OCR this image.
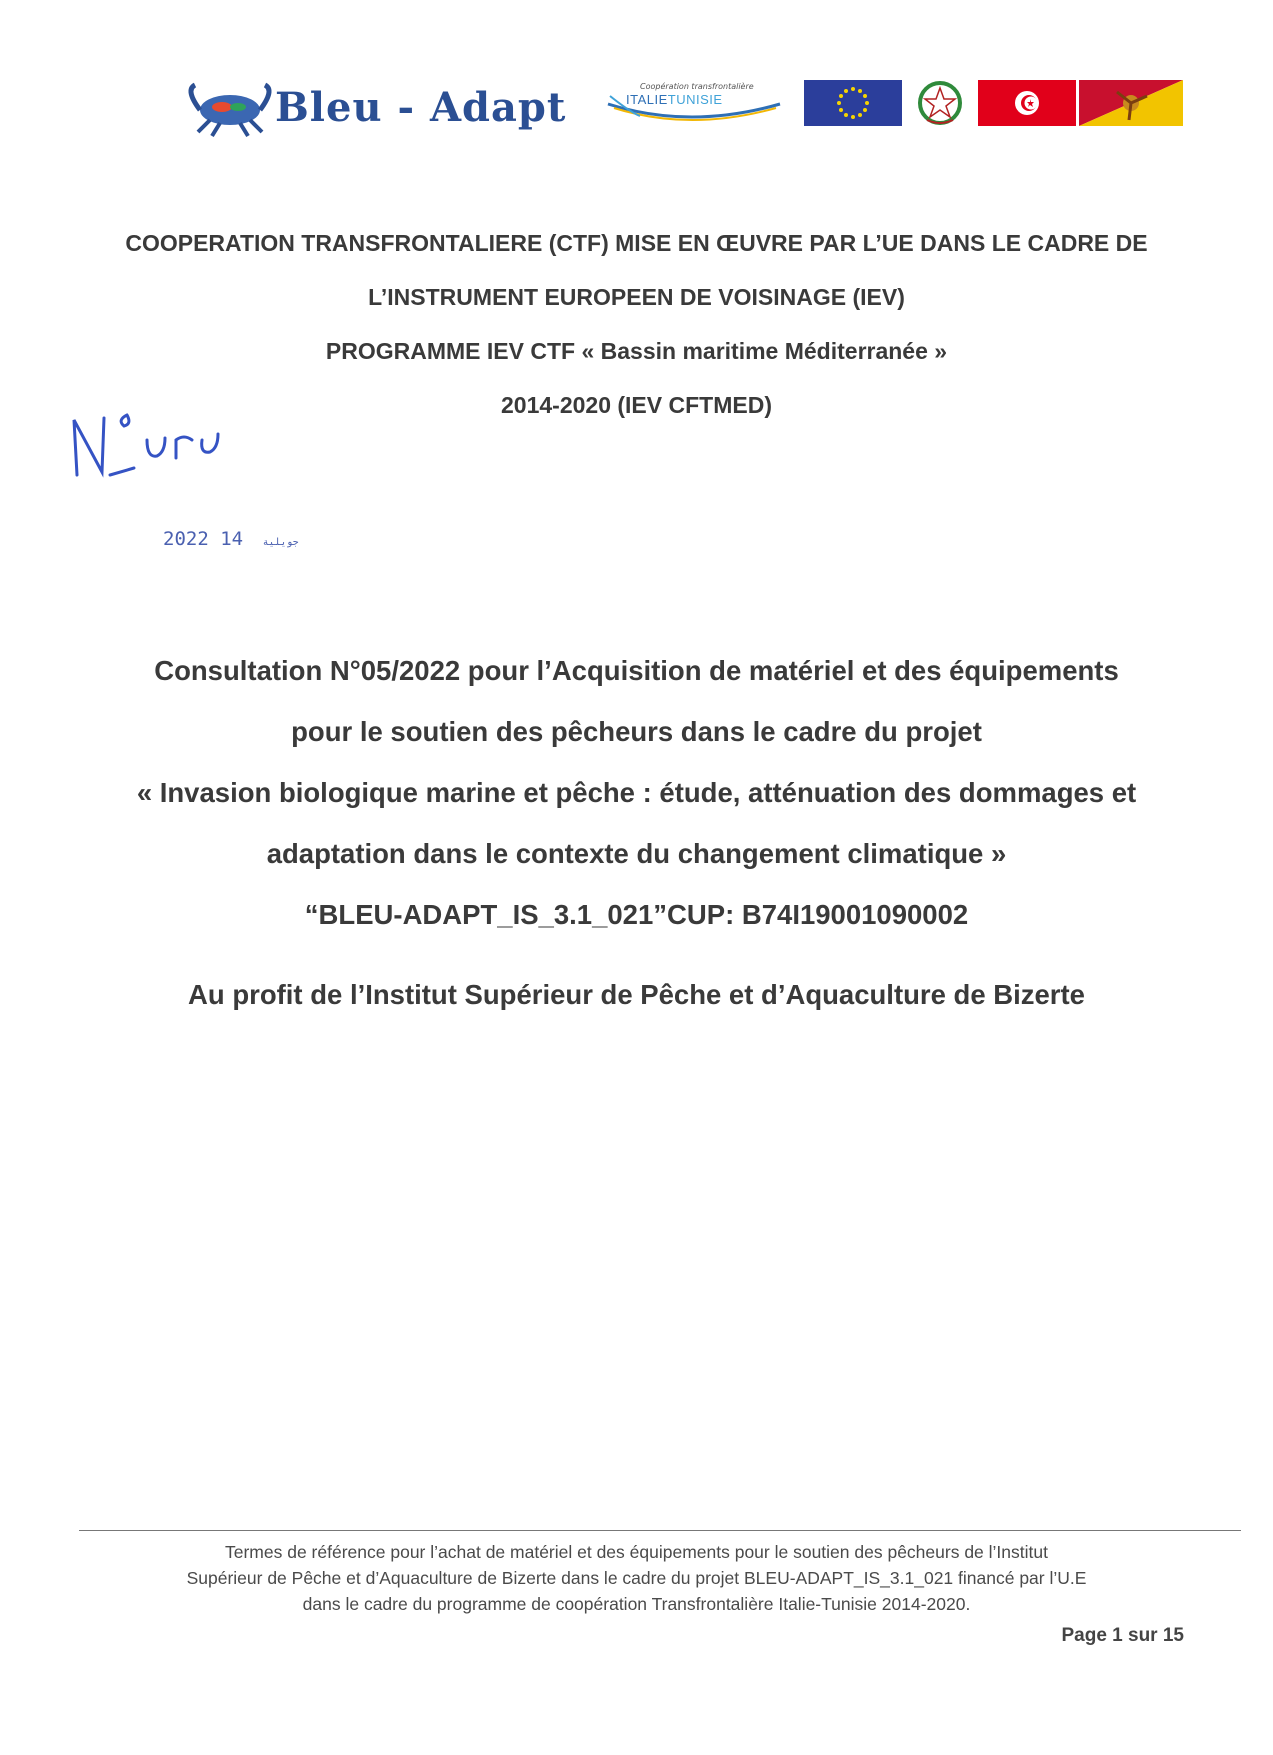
Bleu - Adapt	Coopération transfrontalière
ITALIETUNISIE
COOPERATION TRANSFRONTALIERE (CTF) MISE EN ŒUVRE PAR L’UE DANS LE CADRE DE
L’INSTRUMENT EUROPEEN DE VOISINAGE (IEV)
PROGRAMME IEV CTF « Bassin maritime Méditerranée »
2014-2020 (IEV CFTMED)
2022	جويلية 14
Consultation N°05/2022 pour l’Acquisition de matériel et des équipements
pour le soutien des pêcheurs dans le cadre du projet
« Invasion biologique marine et pêche : étude, atténuation des dommages et
adaptation dans le contexte du changement climatique »
“BLEU-ADAPT_IS_3.1_021”CUP: B74I19001090002
Au profit de l’Institut Supérieur de Pêche et d’Aquaculture de Bizerte
Termes de référence pour l’achat de matériel et des équipements pour le soutien des pêcheurs de l’Institut
Supérieur de Pêche et d’Aquaculture de Bizerte dans le cadre du projet BLEU-ADAPT_IS_3.1_021 financé par l’U.E
dans le cadre du programme de coopération Transfrontalière Italie-Tunisie 2014-2020.
Page 1 sur 15
